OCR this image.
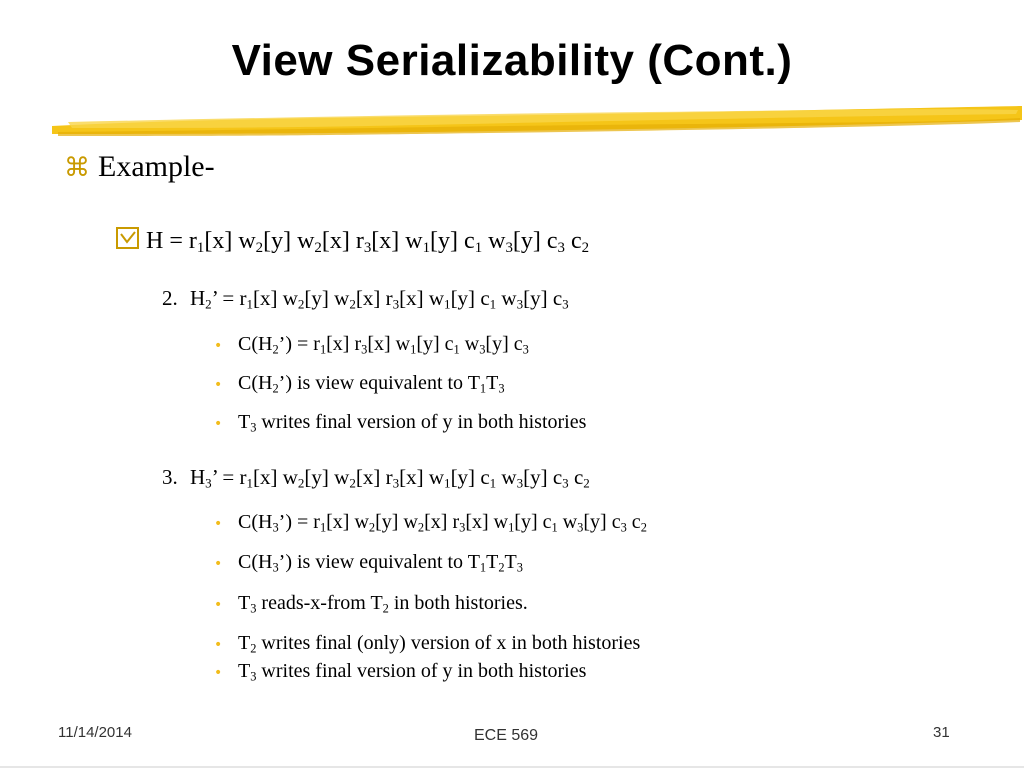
View Serializability (Cont.)
⌘ Example-
$H = r_1[x]$ $w_2[y]$ $w_2[x]$ $r_3[x]$ $w_1[y]$ $c_1$ $w_3[y]$ $c_3$ $c_2$
2. $H_2$’ = $r_1[x]$ $w_2[y]$ $w_2[x]$ $r_3[x]$ $w_1[y]$ $c_1$ $w_3[y]$ $c_3$
• $C(H_2’) = r_1[x]$ $r_3[x]$ $w_1[y]$ $c_1$ $w_3[y]$ $c_3$
• $C(H_2’)$ is view equivalent to $T_1T_3$
• $T_3$ writes final version of y in both histories
3. $H_3$’ = $r_1[x]$ $w_2[y]$ $w_2[x]$ $r_3[x]$ $w_1[y]$ $c_1$ $w_3[y]$ $c_3$ $c_2$
• $C(H_3’) = r_1[x]$ $w_2[y]$ $w_2[x]$ $r_3[x]$ $w_1[y]$ $c_1$ $w_3[y]$ $c_3$ $c_2$
• $C(H_3’)$ is view equivalent to $T_1T_2T_3$
• $T_3$ reads-x-from $T_2$ in both histories.
• $T_2$ writes final (only) version of x in both histories
• $T_3$ writes final version of y in both histories
11/14/2014	ECE 569	31
